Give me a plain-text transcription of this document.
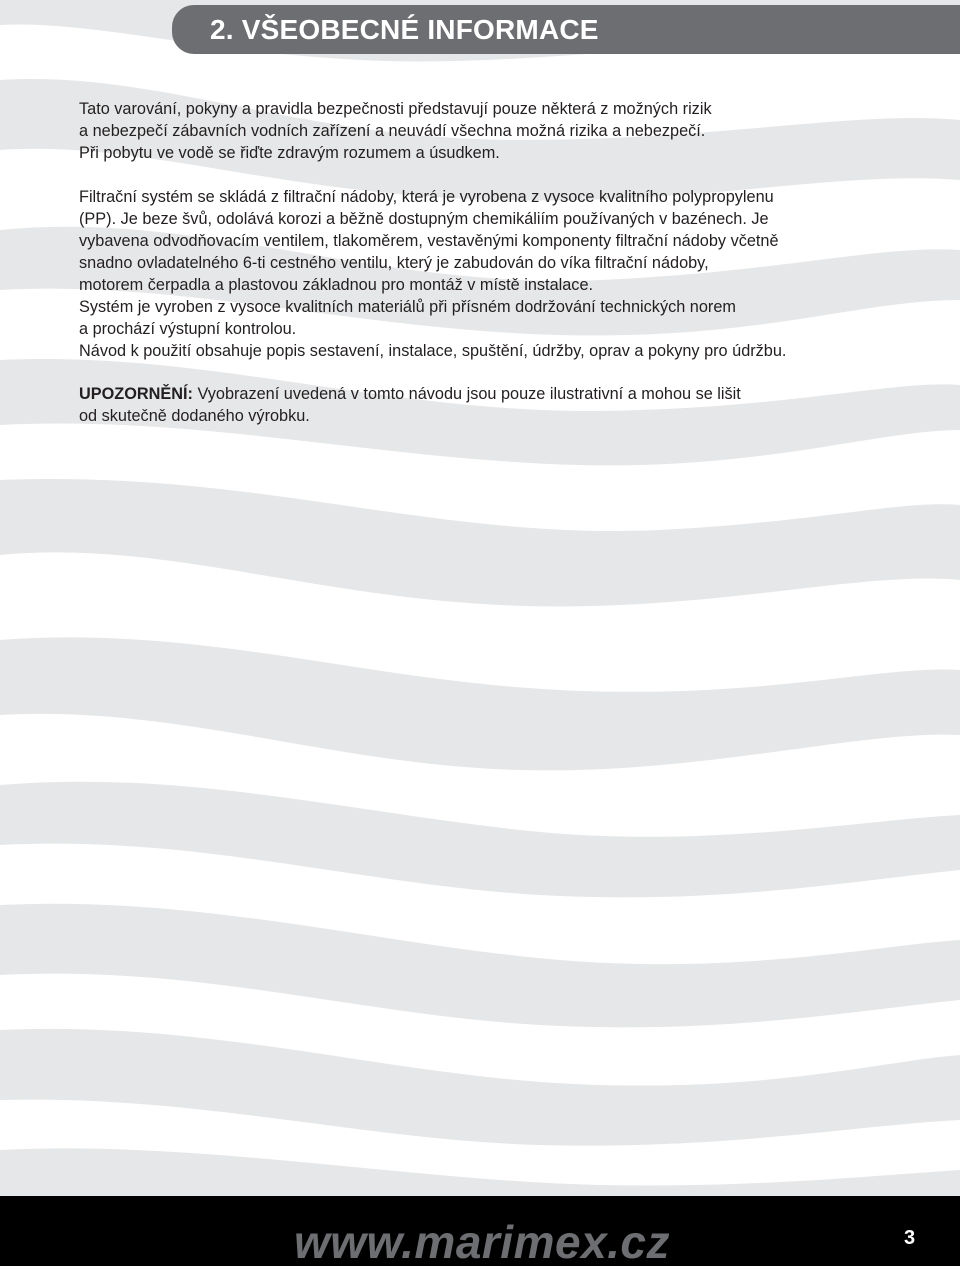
2. VŠEOBECNÉ INFORMACE

Tato varování, pokyny a pravidla bezpečnosti představují pouze některá z možných rizik

a nebezpečí zábavních vodních zařízení a neuvádí všechna možná rizika a nebezpečí.

Při pobytu ve vodě se řiďte zdravým rozumem a úsudkem.

Filtrační systém se skládá z filtrační nádoby, která je vyrobena z vysoce kvalitního polypropylenu

(PP). Je beze švů, odolává korozi a běžně dostupným chemikáliím používaných v bazénech. Je

vybavena odvodňovacím ventilem, tlakoměrem, vestavěnými komponenty filtrační nádoby včetně

snadno ovladatelného 6-ti cestného ventilu, který je zabudován do víka filtrační nádoby,

motorem čerpadla a plastovou základnou pro montáž v místě instalace.

Systém je vyroben z vysoce kvalitních materiálů při přísném dodržování technických norem

a prochází výstupní kontrolou.

Návod k použití obsahuje popis sestavení, instalace, spuštění, údržby, oprav a pokyny pro údržbu.

UPOZORNĚNÍ: Vyobrazení uvedená v tomto návodu jsou pouze ilustrativní a mohou se lišit

od skutečně dodaného výrobku.

www.marimex.cz	3
